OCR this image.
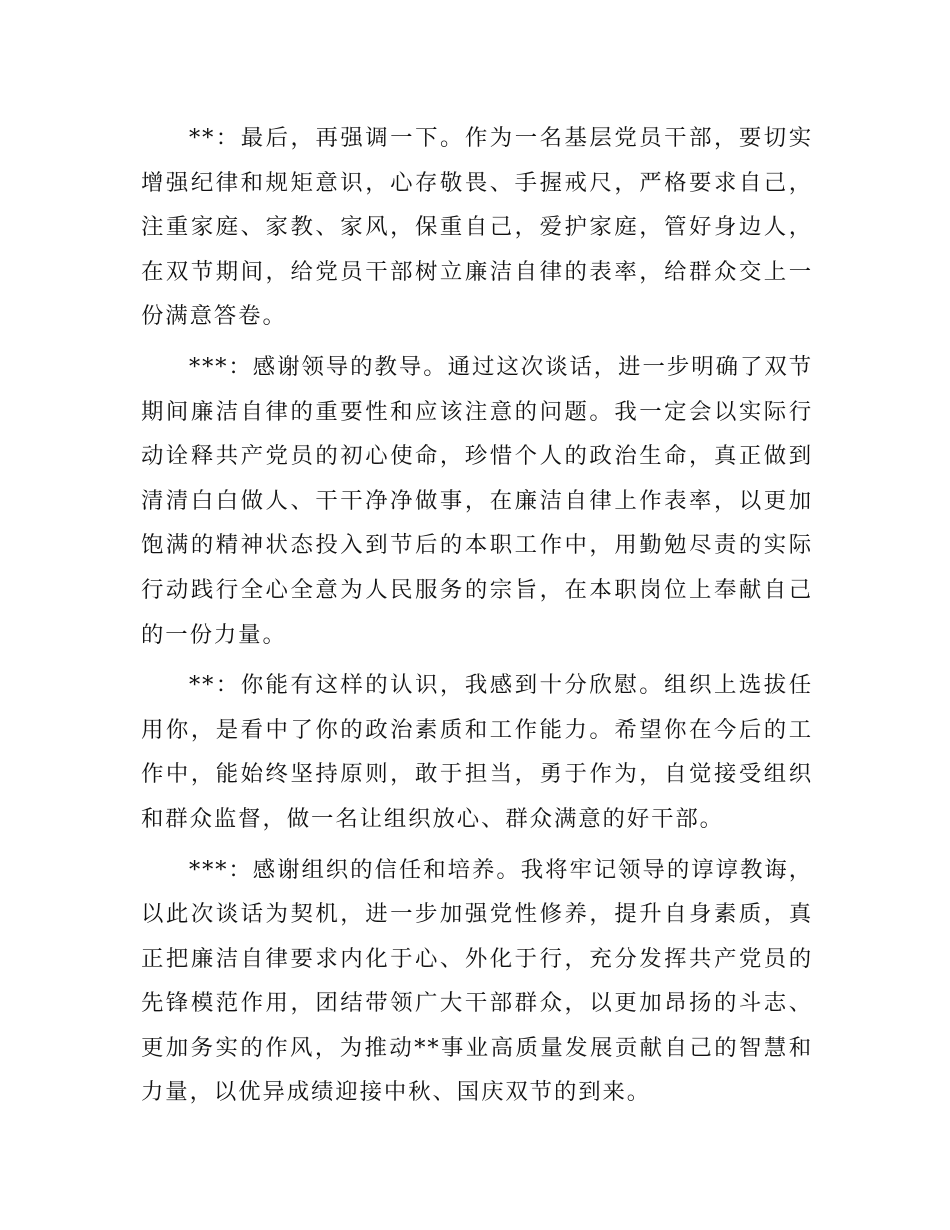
**：最后，再强调一下。作为一名基层党员干部，要切实增强纪律和规矩意识，心存敬畏、手握戒尺，严格要求自己，注重家庭、家教、家风，保重自己，爱护家庭，管好身边人，在双节期间，给党员干部树立廉洁自律的表率，给群众交上一份满意答卷。

***：感谢领导的教导。通过这次谈话，进一步明确了双节期间廉洁自律的重要性和应该注意的问题。我一定会以实际行动诠释共产党员的初心使命，珍惜个人的政治生命，真正做到清清白白做人、干干净净做事，在廉洁自律上作表率，以更加饱满的精神状态投入到节后的本职工作中，用勤勉尽责的实际行动践行全心全意为人民服务的宗旨，在本职岗位上奉献自己的一份力量。

**：你能有这样的认识，我感到十分欣慰。组织上选拔任用你，是看中了你的政治素质和工作能力。希望你在今后的工作中，能始终坚持原则，敢于担当，勇于作为，自觉接受组织和群众监督，做一名让组织放心、群众满意的好干部。

***：感谢组织的信任和培养。我将牢记领导的谆谆教诲，以此次谈话为契机，进一步加强党性修养，提升自身素质，真正把廉洁自律要求内化于心、外化于行，充分发挥共产党员的先锋模范作用，团结带领广大干部群众，以更加昂扬的斗志、更加务实的作风，为推动**事业高质量发展贡献自己的智慧和力量，以优异成绩迎接中秋、国庆双节的到来。
